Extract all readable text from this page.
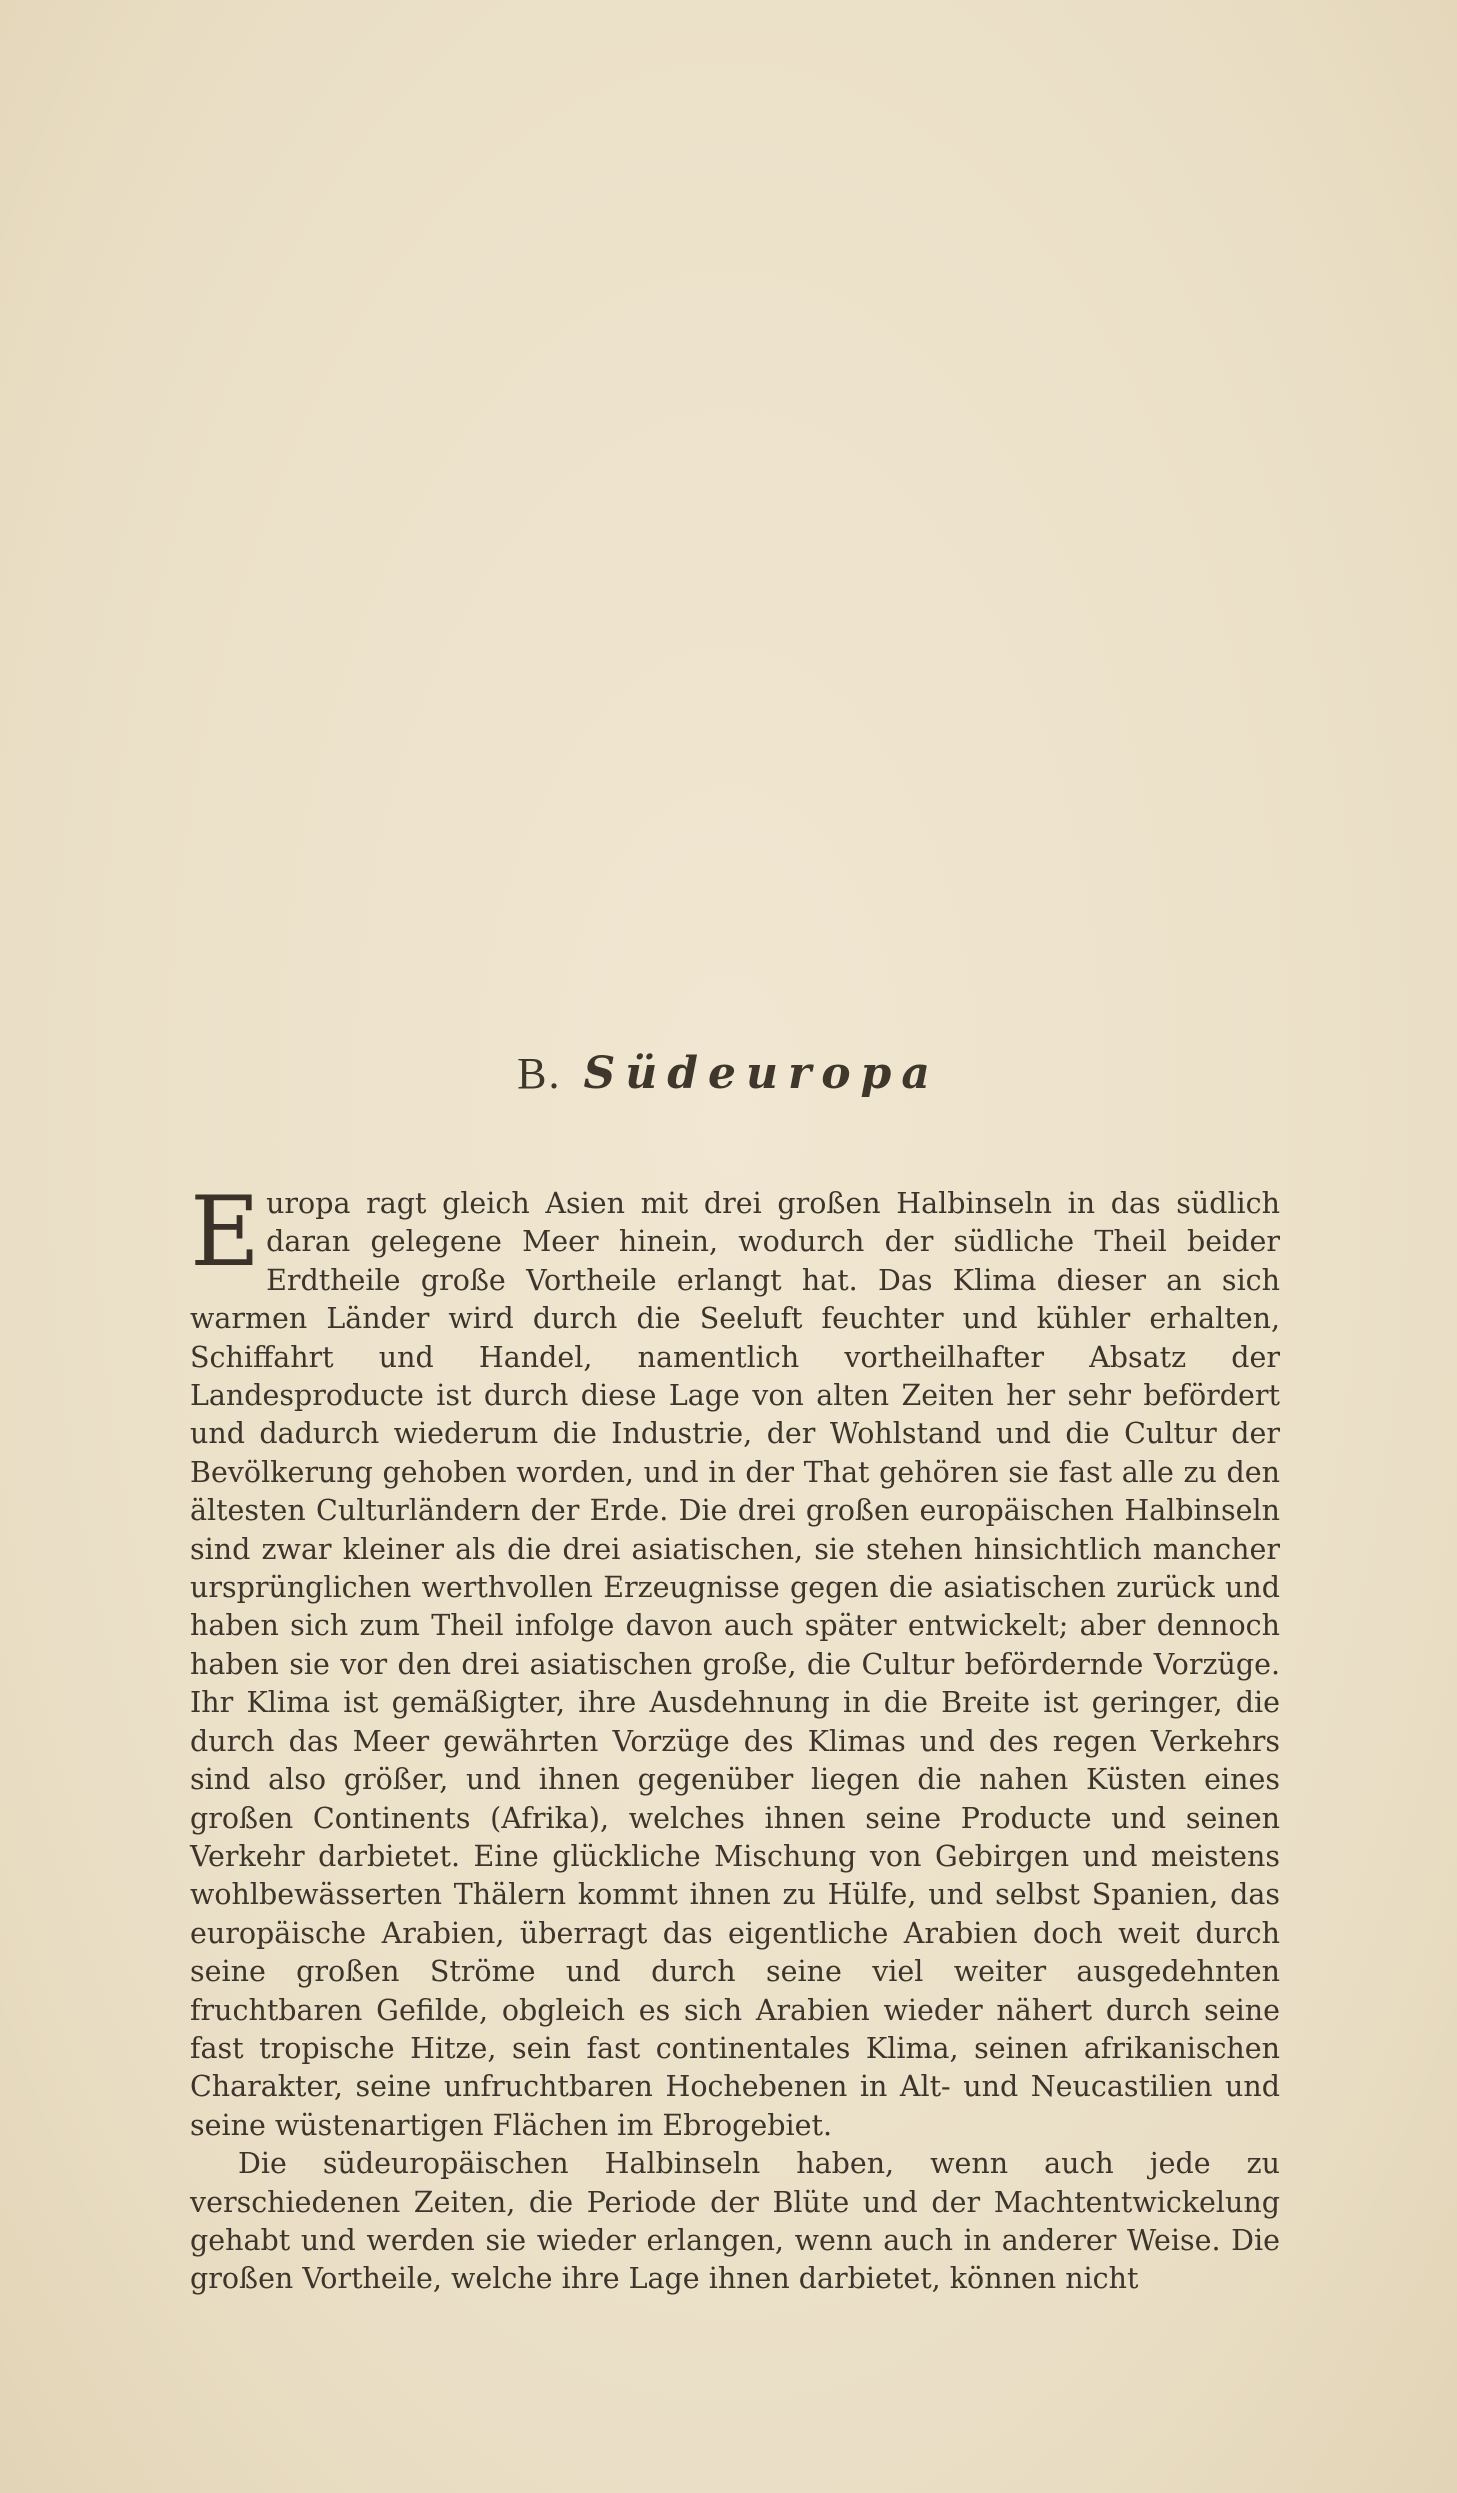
B. Südeuropa

Europa ragt gleich Asien mit drei großen Halbinseln in das südlich daran gelegene Meer hinein, wodurch der südliche Theil beider Erdtheile große Vortheile erlangt hat. Das Klima dieser an sich warmen Länder wird durch die Seeluft feuchter und kühler erhalten, Schiffahrt und Handel, namentlich vortheilhafter Absatz der Landesproducte ist durch diese Lage von alten Zeiten her sehr befördert und dadurch wiederum die Industrie, der Wohlstand und die Cultur der Bevölkerung gehoben worden, und in der That gehören sie fast alle zu den ältesten Culturländern der Erde. Die drei großen europäischen Halbinseln sind zwar kleiner als die drei asiatischen, sie stehen hinsichtlich mancher ursprünglichen werthvollen Erzeugnisse gegen die asiatischen zurück und haben sich zum Theil infolge davon auch später entwickelt; aber dennoch haben sie vor den drei asiatischen große, die Cultur befördernde Vorzüge. Ihr Klima ist gemäßigter, ihre Ausdehnung in die Breite ist geringer, die durch das Meer gewährten Vorzüge des Klimas und des regen Verkehrs sind also größer, und ihnen gegenüber liegen die nahen Küsten eines großen Continents (Afrika), welches ihnen seine Producte und seinen Verkehr darbietet. Eine glückliche Mischung von Gebirgen und meistens wohlbewässerten Thälern kommt ihnen zu Hülfe, und selbst Spanien, das europäische Arabien, überragt das eigentliche Arabien doch weit durch seine großen Ströme und durch seine viel weiter ausgedehnten fruchtbaren Gefilde, obgleich es sich Arabien wieder nähert durch seine fast tropische Hitze, sein fast continentales Klima, seinen afrikanischen Charakter, seine unfruchtbaren Hochebenen in Alt- und Neucastilien und seine wüstenartigen Flächen im Ebrogebiet.

Die südeuropäischen Halbinseln haben, wenn auch jede zu verschiedenen Zeiten, die Periode der Blüte und der Machtentwickelung gehabt und werden sie wieder erlangen, wenn auch in anderer Weise. Die großen Vortheile, welche ihre Lage ihnen darbietet, können nicht
